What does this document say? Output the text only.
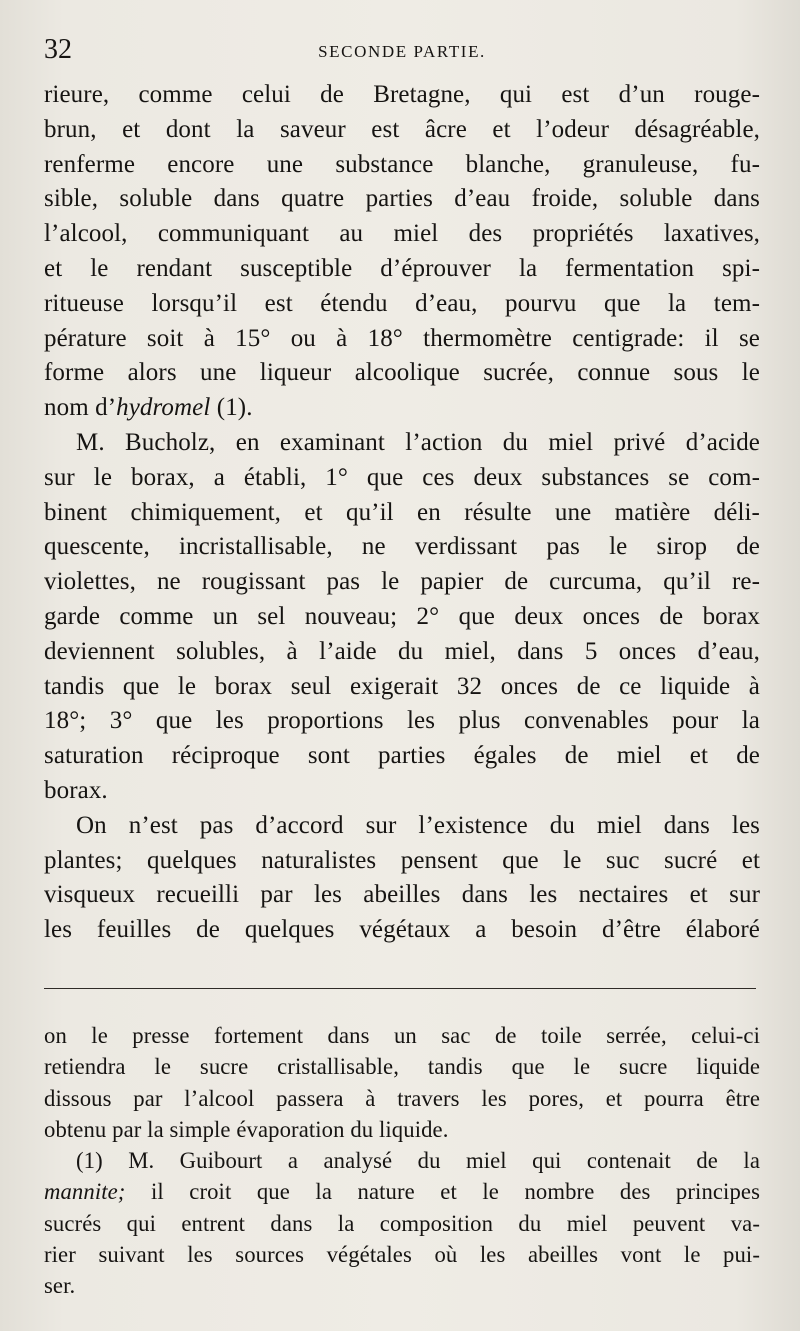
32	SECONDE PARTIE.
rieure, comme celui de Bretagne, qui est d’un rouge-
brun, et dont la saveur est âcre et l’odeur désagréable,
renferme encore une substance blanche, granuleuse, fu-
sible, soluble dans quatre parties d’eau froide, soluble dans
l’alcool, communiquant au miel des propriétés laxatives,
et le rendant susceptible d’éprouver la fermentation spi-
ritueuse lorsqu’il est étendu d’eau, pourvu que la tem-
pérature soit à 15° ou à 18° thermomètre centigrade: il se
forme alors une liqueur alcoolique sucrée, connue sous le
nom d’hydromel (1).
M. Bucholz, en examinant l’action du miel privé d’acide
sur le borax, a établi, 1° que ces deux substances se com-
binent chimiquement, et qu’il en résulte une matière déli-
quescente, incristallisable, ne verdissant pas le sirop de
violettes, ne rougissant pas le papier de curcuma, qu’il re-
garde comme un sel nouveau; 2° que deux onces de borax
deviennent solubles, à l’aide du miel, dans 5 onces d’eau,
tandis que le borax seul exigerait 32 onces de ce liquide à
18°; 3° que les proportions les plus convenables pour la
saturation réciproque sont parties égales de miel et de
borax.
On n’est pas d’accord sur l’existence du miel dans les
plantes; quelques naturalistes pensent que le suc sucré et
visqueux recueilli par les abeilles dans les nectaires et sur
les feuilles de quelques végétaux a besoin d’être élaboré
on le presse fortement dans un sac de toile serrée, celui-ci
retiendra le sucre cristallisable, tandis que le sucre liquide
dissous par l’alcool passera à travers les pores, et pourra être
obtenu par la simple évaporation du liquide.
(1) M. Guibourt a analysé du miel qui contenait de la
mannite; il croit que la nature et le nombre des principes
sucrés qui entrent dans la composition du miel peuvent va-
rier suivant les sources végétales où les abeilles vont le pui-
ser.
